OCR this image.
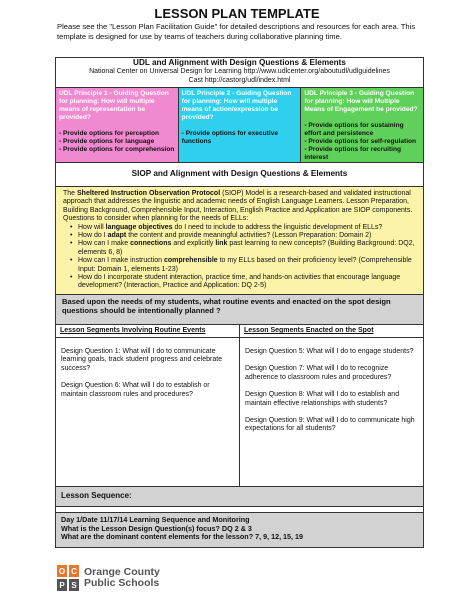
LESSON PLAN TEMPLATE
Please see the "Lesson Plan Facilitation Guide" for detailed descriptions and resources for each area. This template is designed for use by teams of teachers during collaborative planning time.
UDL and Alignment with Design Questions & Elements
National Center on Universal Design for Learning http://www.udlcenter.org/aboutudl/udlguidelines
Cast http://castorg/udl/index.html
UDL Principle 1 - Guiding Question for planning: How will multiple means of representation be provided?
- Provide options for perception
- Provide options for language
- Provide options for comprehension
UDL Principle 2 - Guiding Question for planning: How will multiple means of action/expression be provided?
- Provide options for executive functions
UDL Principle 3 - Guiding Question for planning: How will Multiple Means of Engagement be provided?
- Provide options for sustaining effort and persistence
- Provide options for self-regulation
- Provide options for recruiting interest
SIOP and Alignment with Design Questions & Elements
The Sheltered Instruction Observation Protocol (SIOP) Model is a research-based and validated instructional approach that addresses the linguistic and academic needs of English Language Learners. Lesson Preparation, Building Background, Comprehensible Input, Interaction, English Practice and Application are SIOP components. Questions to consider when planning for the needs of ELLs:
• How will language objectives do I need to include to address the linguistic development of ELLs?
• How do I adapt the content and provide meaningful activities? (Lesson Preparation: Domain 2)
• How can I make connections and explicitly link past learning to new concepts? (Building Background: DQ2, elements 6, 8)
• How can I make instruction comprehensible to my ELLs based on their proficiency level? (Comprehensible Input: Domain 1, elements 1-23)
• How do I incorporate student interaction, practice time, and hands-on activities that encourage language development? (Interaction, Practice and Application: DQ 2-5)
Based upon the needs of my students, what routine events and enacted on the spot design questions should be intentionally planned ?
Lesson Segments Involving Routine Events
Design Question 1: What will I do to communicate learning goals, track student progress and celebrate success?
Design Question 6: What will I do to establish or maintain classroom rules and procedures?
Lesson Segments Enacted on the Spot
Design Question 5: What will I do to engage students?
Design Question 7: What will I do to recognize adherence to classroom rules and procedures?
Design Question 8: What will I do to establish and maintain effective relationships with students?
Design Question 9: What will I do to communicate high expectations for all students?
Lesson Sequence:
Day 1/Date 11/17/14 Learning Sequence and Monitoring
What is the Lesson Design Question(s) focus? DQ 2 & 3
What are the dominant content elements for the lesson? 7, 9, 12, 15, 19
O C
P S
Orange County
Public Schools
